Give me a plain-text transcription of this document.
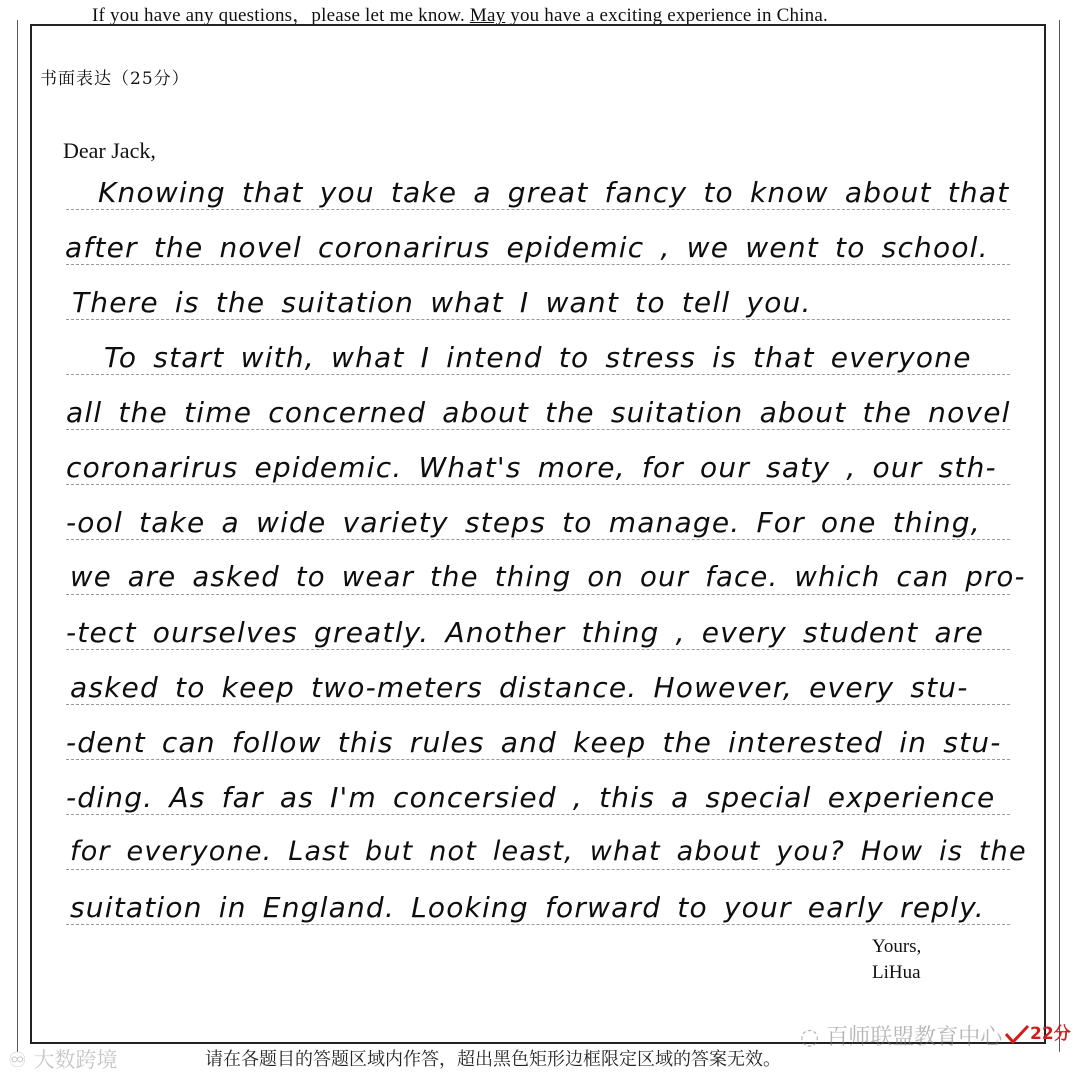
If you have any questions，please let me know. May you have a exciting experience in China.
书面表达（25分）
Dear Jack,
Knowing that you take a great fancy to know about that
after the novel coronarirus epidemic , we went to school.
There is the suitation what I want to tell you.
To start with, what I intend to stress is that everyone
all the time concerned about the suitation about the novel
coronarirus epidemic. What's more, for our saty , our sth-
-ool take a wide variety steps to manage. For one thing,
we are asked to wear the thing on our face. which can pro-
-tect ourselves greatly. Another thing , every student are
asked to keep two-meters distance. However, every stu-
-dent can follow this rules and keep the interested in stu-
-ding. As far as I'm concersied , this a special experience
for everyone. Last but not least, what about you? How is the
suitation in England. Looking forward to your early reply.
Yours,
LiHua
♾ 大数跨境	请在各题目的答题区域内作答，超出黑色矩形边框限定区域的答案无效。
◌ 百师联盟教育中心 22分
